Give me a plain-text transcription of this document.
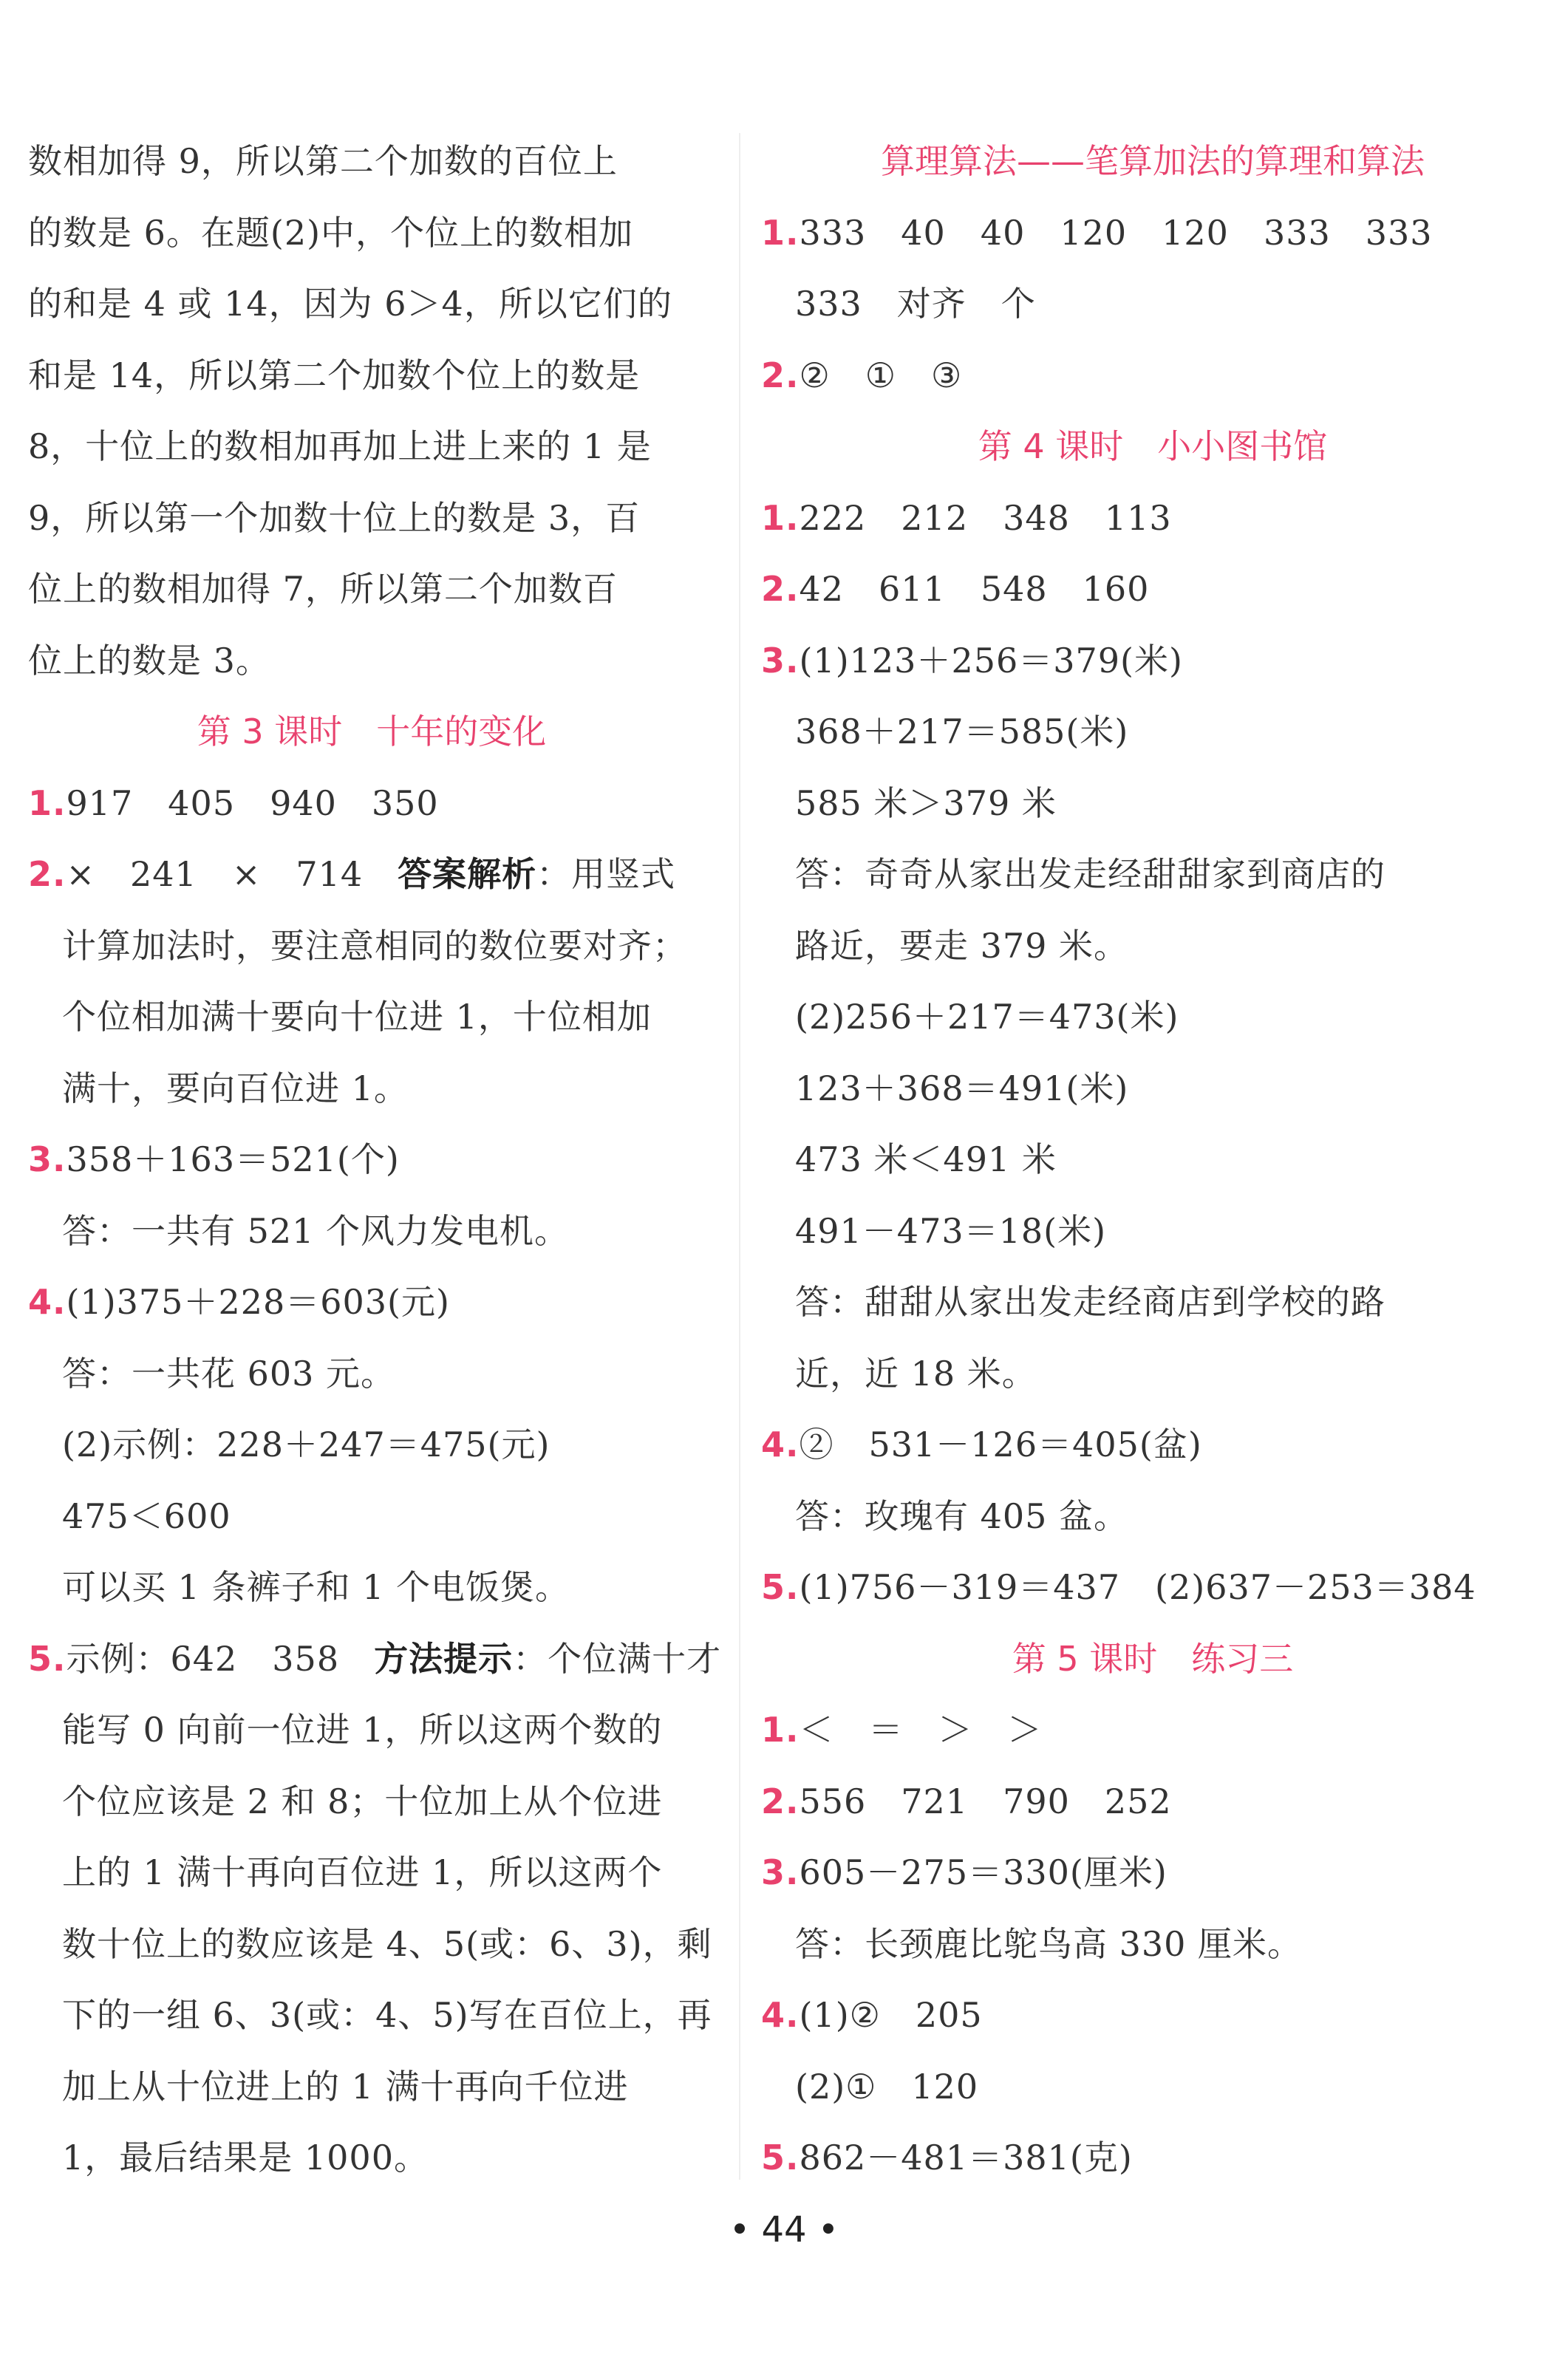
数相加得 9，所以第二个加数的百位上
的数是 6。在题(2)中，个位上的数相加
的和是 4 或 14，因为 6＞4，所以它们的
和是 14，所以第二个加数个位上的数是
8，十位上的数相加再加上进上来的 1 是
9，所以第一个加数十位上的数是 3，百
位上的数相加得 7，所以第二个加数百
位上的数是 3。
第 3 课时　十年的变化
1.917　405　940　350
2.×　241　×　714　答案解析：用竖式
计算加法时，要注意相同的数位要对齐；
个位相加满十要向十位进 1，十位相加
满十，要向百位进 1。
3.358＋163＝521(个)
答：一共有 521 个风力发电机。
4.(1)375＋228＝603(元)
答：一共花 603 元。
(2)示例：228＋247＝475(元)
475＜600
可以买 1 条裤子和 1 个电饭煲。
5.示例：642　358　方法提示：个位满十才
能写 0 向前一位进 1，所以这两个数的
个位应该是 2 和 8；十位加上从个位进
上的 1 满十再向百位进 1，所以这两个
数十位上的数应该是 4、5(或：6、3)，剩
下的一组 6、3(或：4、5)写在百位上，再
加上从十位进上的 1 满十再向千位进
1，最后结果是 1000。
算理算法——笔算加法的算理和算法
1.333　40　40　120　120　333　333
333　对齐　个
2.②　①　③
第 4 课时　小小图书馆
1.222　212　348　113
2.42　611　548　160
3.(1)123＋256＝379(米)
368＋217＝585(米)
585 米＞379 米
答：奇奇从家出发走经甜甜家到商店的
路近，要走 379 米。
(2)256＋217＝473(米)
123＋368＝491(米)
473 米＜491 米
491－473＝18(米)
答：甜甜从家出发走经商店到学校的路
近，近 18 米。
4.②　531－126＝405(盆)
答：玫瑰有 405 盆。
5.(1)756－319＝437　(2)637－253＝384
第 5 课时　练习三
1.＜　＝　＞　＞
2.556　721　790　252
3.605－275＝330(厘米)
答：长颈鹿比鸵鸟高 330 厘米。
4.(1)②　205
(2)①　120
5.862－481＝381(克)
• 44 •
